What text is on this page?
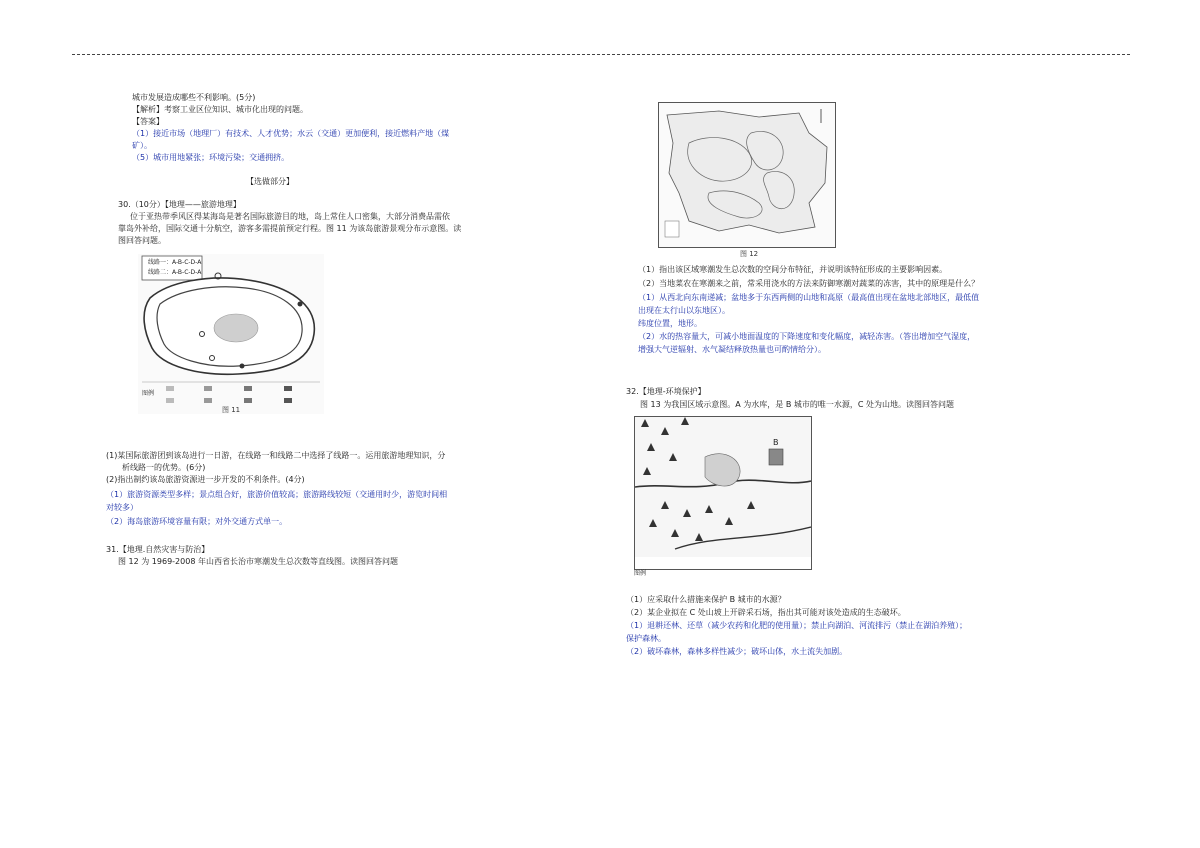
城市发展造成哪些不利影响。(5分)
【解析】考察工业区位知识、城市化出现的问题。
【答案】
（1）接近市场（地理厂）有技术、人才优势；水云（交通）更加便利，接近燃料产地（煤
矿）。
（5）城市用地紧张；环境污染；交通拥挤。
【选做部分】
30.（10分）【地理——旅游地理】
位于亚热带季风区得某海岛是著名国际旅游目的地，岛上常住人口密集，大部分消费品需依
靠岛外补给，国际交通十分航空，游客多需提前预定行程。图 11 为该岛旅游景观分布示意图。读
图回答问题。
线路一：A-B-C-D-A
线路二：A-B-C-D-A
图例
图 11
(1)某国际旅游团到该岛进行一日游，在线路一和线路二中选择了线路一。运用旅游地理知识，分
析线路一的优势。(6分)
(2)指出制约该岛旅游资源进一步开发的不利条件。(4分)
（1）旅游资源类型多样；景点组合好，旅游价值较高；旅游路线较短（交通用时少，游览时间相
对较多）
（2）海岛旅游环境容量有限；对外交通方式单一。
31.【地理.自然灾害与防治】
图 12 为 1969-2008 年山西省长治市寒潮发生总次数等直线图。读图回答问题
图 12
（1）指出该区域寒潮发生总次数的空间分布特征，并说明该特征形成的主要影响因素。
（2）当地菜农在寒潮来之前，常采用浇水的方法来防御寒潮对蔬菜的冻害，其中的原理是什么？
（1）从西北向东南递减；盆地多于东西两侧的山地和高原（最高值出现在盆地北部地区，最低值
出现在太行山以东地区）。
纬度位置，地形。
（2）水的热容量大，可减小地面温度的下降速度和变化幅度，减轻冻害。（答出增加空气湿度，
增强大气逆辐射、水气凝结释放热量也可酌情给分）。
32.【地理-环境保护】
图 13 为我国区域示意图。A 为水库，是 B 城市的唯一水源，C 处为山地。读图回答问题
B
图例
（1）应采取什么措施来保护 B 城市的水源？
（2）某企业拟在 C 处山坡上开辟采石场，指出其可能对该处造成的生态破坏。
（1）退耕还林、还草（减少农药和化肥的使用量）；禁止向湖泊、河流排污（禁止在湖泊养殖）；
保护森林。
（2）破坏森林，森林多样性减少；破坏山体，水土流失加剧。
